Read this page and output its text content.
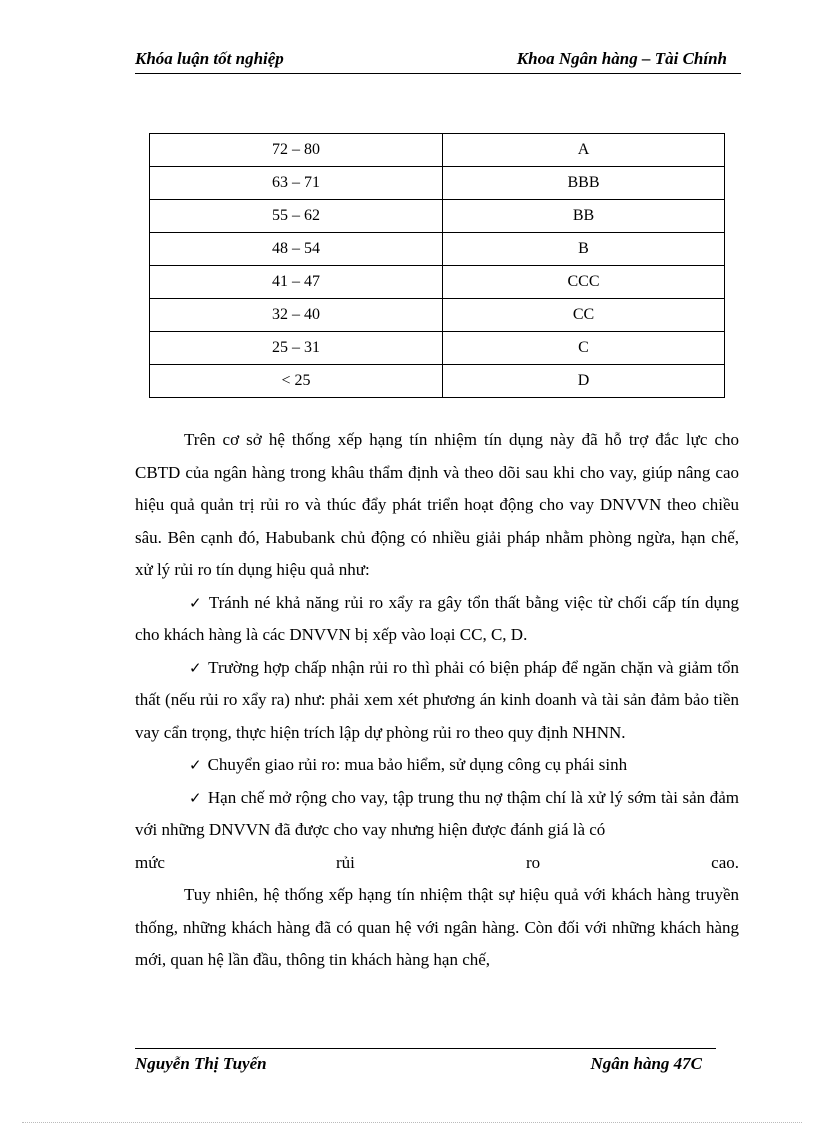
Khóa luận tốt nghiệp	Khoa Ngân hàng – Tài Chính
72 – 80	A
63 – 71	BBB
55 – 62	BB
48 – 54	B
41 – 47	CCC
32 – 40	CC
25 – 31	C
< 25	D

Trên cơ sở hệ thống xếp hạng tín nhiệm tín dụng này đã hỗ trợ đắc lực cho CBTD của ngân hàng trong khâu thẩm định và theo dõi sau khi cho vay, giúp nâng cao hiệu quả quản trị rủi ro và thúc đẩy phát triển hoạt động cho vay DNVVN theo chiều sâu. Bên cạnh đó, Habubank chủ động có nhiều giải pháp nhằm phòng ngừa, hạn chế, xử lý rủi ro tín dụng hiệu quả như:

✓ Tránh né khả năng rủi ro xẩy ra gây tổn thất bằng việc từ chối cấp tín dụng cho khách hàng là các DNVVN bị xếp vào loại CC, C, D.

✓ Trường hợp chấp nhận rủi ro thì phải có biện pháp để ngăn chặn và giảm tổn thất (nếu rủi ro xẩy ra) như: phải xem xét phương án kinh doanh và tài sản đảm bảo tiền vay cẩn trọng, thực hiện trích lập dự phòng rủi ro theo quy định NHNN.

✓ Chuyển giao rủi ro: mua bảo hiểm, sử dụng công cụ phái sinh

✓ Hạn chế mở rộng cho vay, tập trung thu nợ thậm chí là xử lý sớm tài sản đảm với những DNVVN đã được cho vay nhưng hiện được đánh giá là có

mức rủi ro cao.

Tuy nhiên, hệ thống xếp hạng tín nhiệm thật sự hiệu quả với khách hàng truyền thống, những khách hàng đã có quan hệ với ngân hàng. Còn đối với những khách hàng mới, quan hệ lần đầu, thông tin khách hàng hạn chế,

Nguyễn Thị Tuyến	Ngân hàng 47C
